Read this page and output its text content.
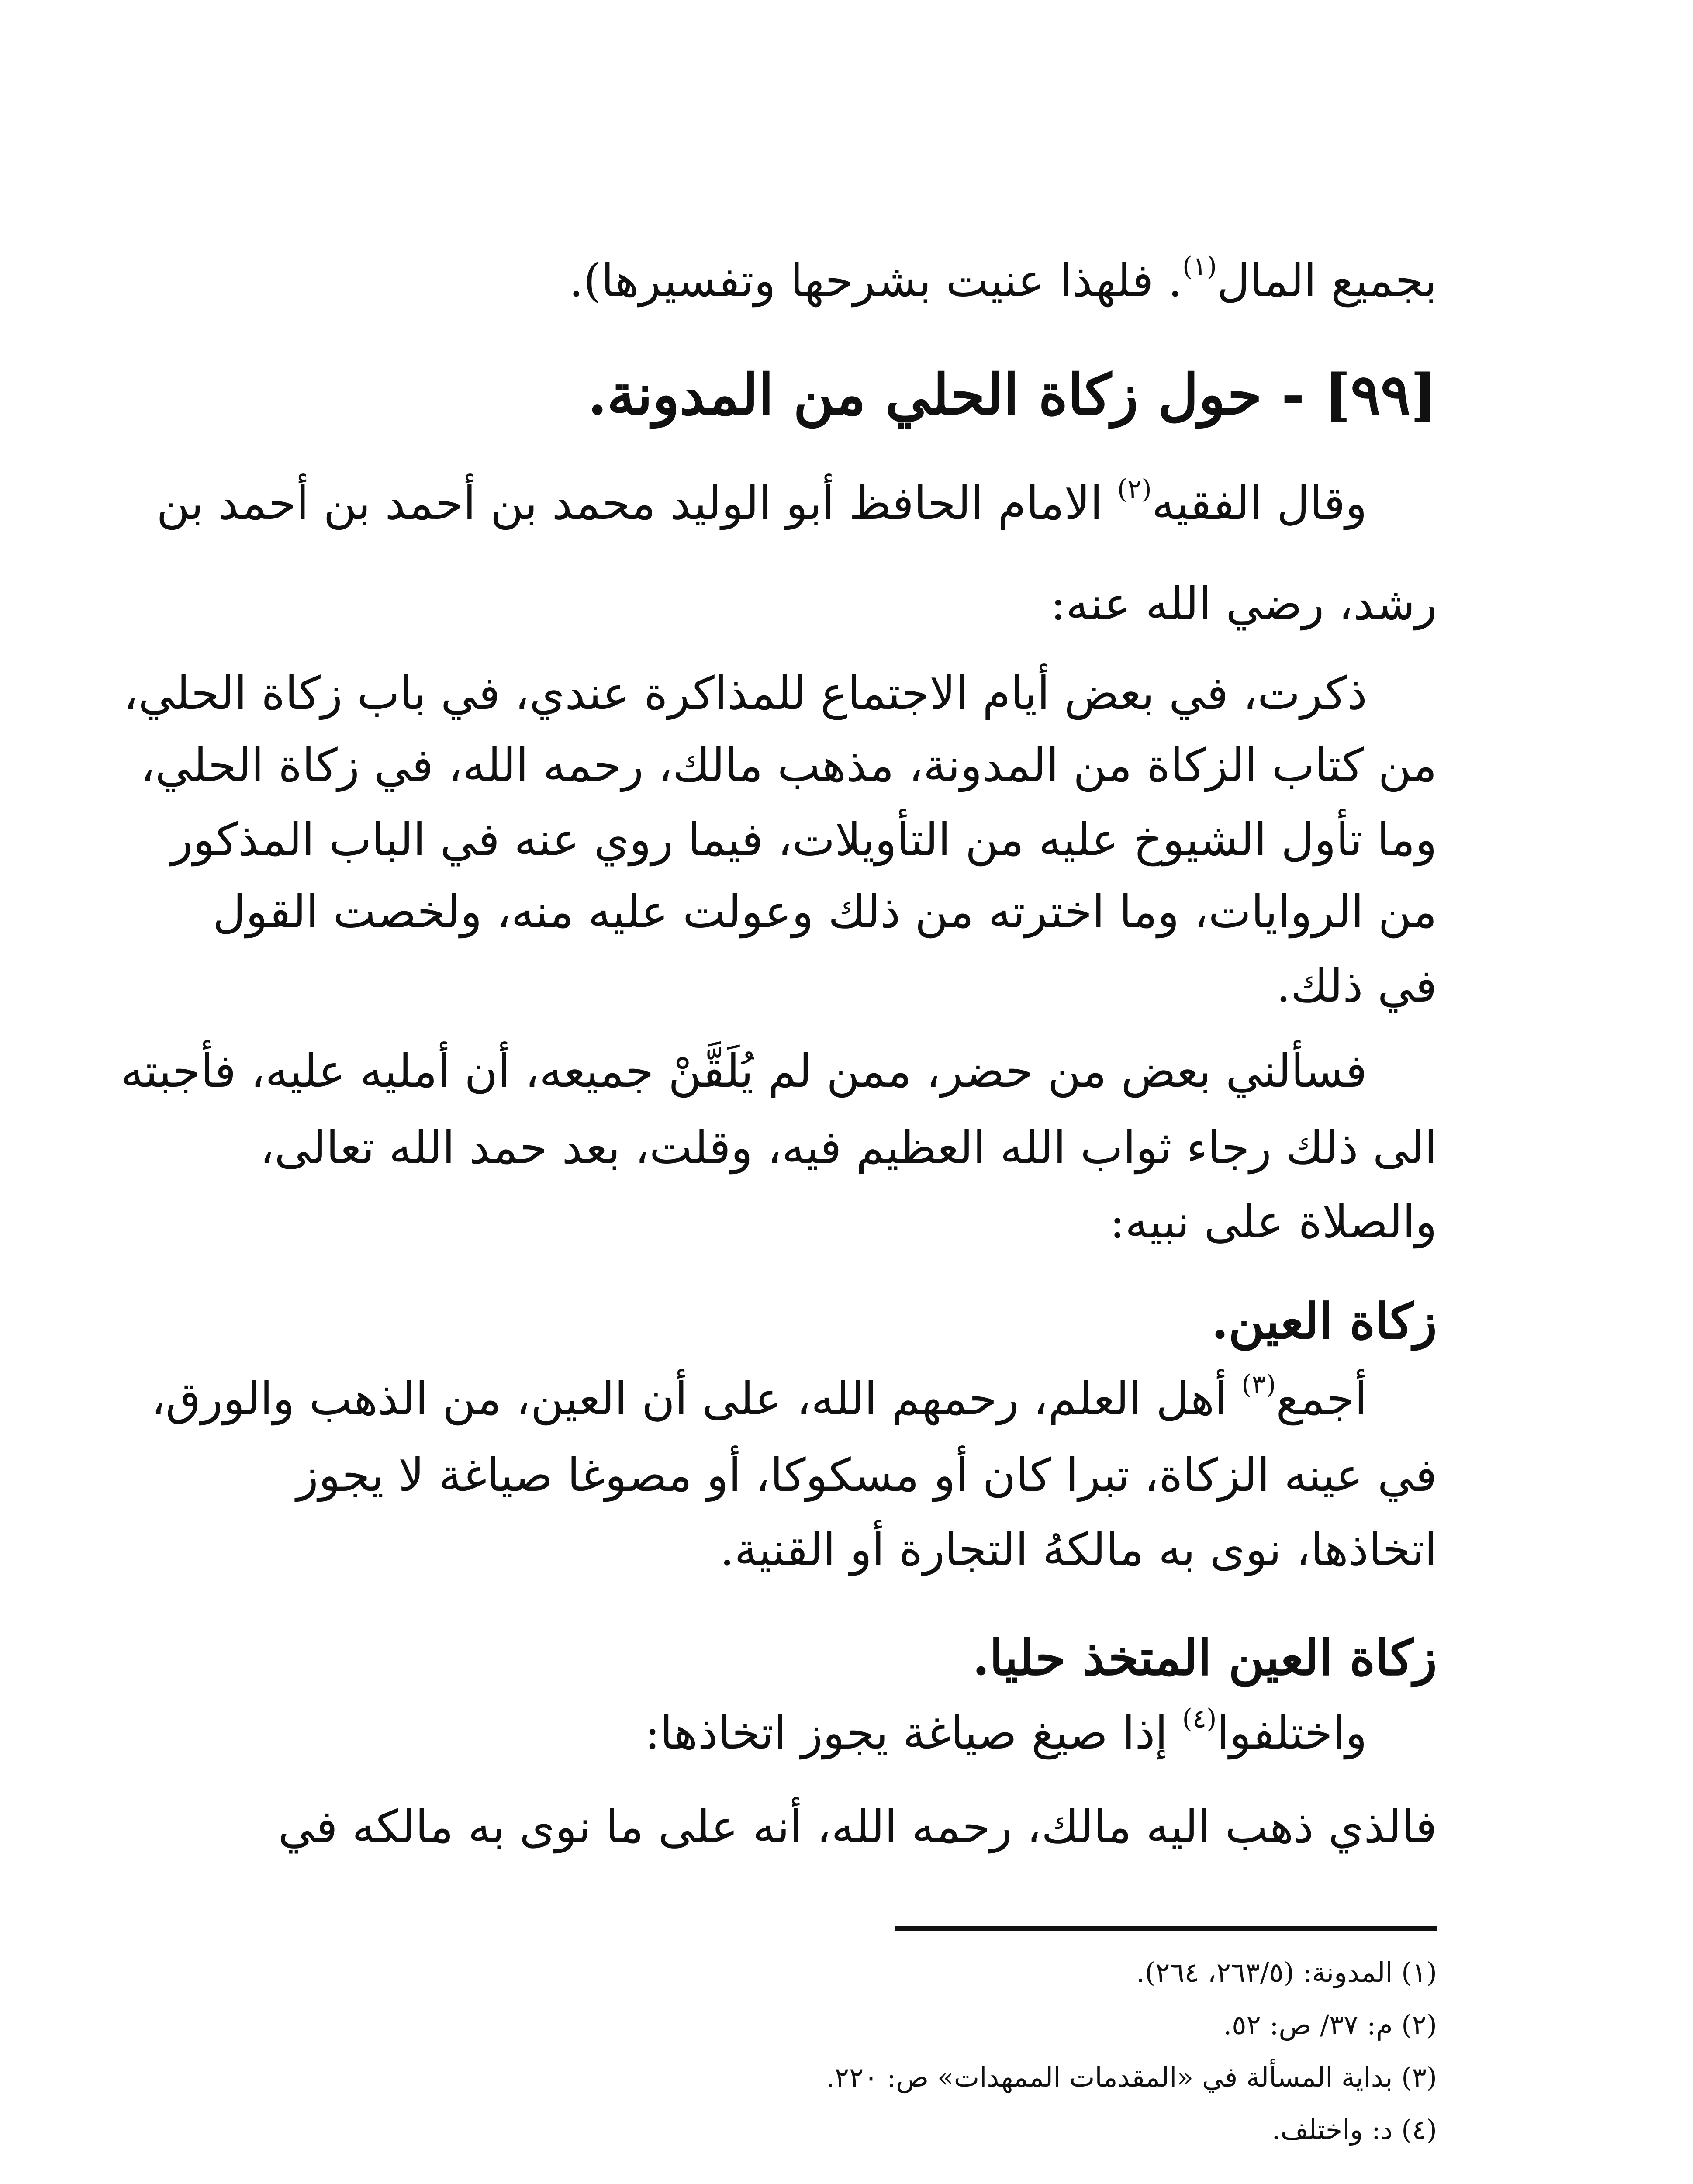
بجميع المال$^{(١)}$. فلهذا عنيت بشرحها وتفسيرها).
[٩٩] - حول زكاة الحلي من المدونة.
وقال الفقيه$^{(٢)}$ الامام الحافظ أبو الوليد محمد بن أحمد بن أحمد بن
رشد، رضي الله عنه:
ذكرت، في بعض أيام الاجتماع للمذاكرة عندي، في باب زكاة الحلي،
من كتاب الزكاة من المدونة، مذهب مالك، رحمه الله، في زكاة الحلي،
وما تأول الشيوخ عليه من التأويلات، فيما روي عنه في الباب المذكور
من الروايات، وما اخترته من ذلك وعولت عليه منه، ولخصت القول
في ذلك.
فسألني بعض من حضر، ممن لم يُلَقَّنْ جميعه، أن أمليه عليه، فأجبته
الى ذلك رجاء ثواب الله العظيم فيه، وقلت، بعد حمد الله تعالى،
والصلاة على نبيه:
زكاة العين.
أجمع$^{(٣)}$ أهل العلم، رحمهم الله، على أن العين، من الذهب والورق،
في عينه الزكاة، تبرا كان أو مسكوكا، أو مصوغا صياغة لا يجوز
اتخاذها، نوى به مالكهُ التجارة أو القنية.
زكاة العين المتخذ حليا.
واختلفوا$^{(٤)}$ إذا صيغ صياغة يجوز اتخاذها:
فالذي ذهب اليه مالك، رحمه الله، أنه على ما نوى به مالكه في
(١) المدونة: (٢٦٣/٥، ٢٦٤).
(٢) م: ٣٧/ ص: ٥٢.
(٣) بداية المسألة في «المقدمات الممهدات» ص: ٢٢٠.
(٤) د: واختلف.
